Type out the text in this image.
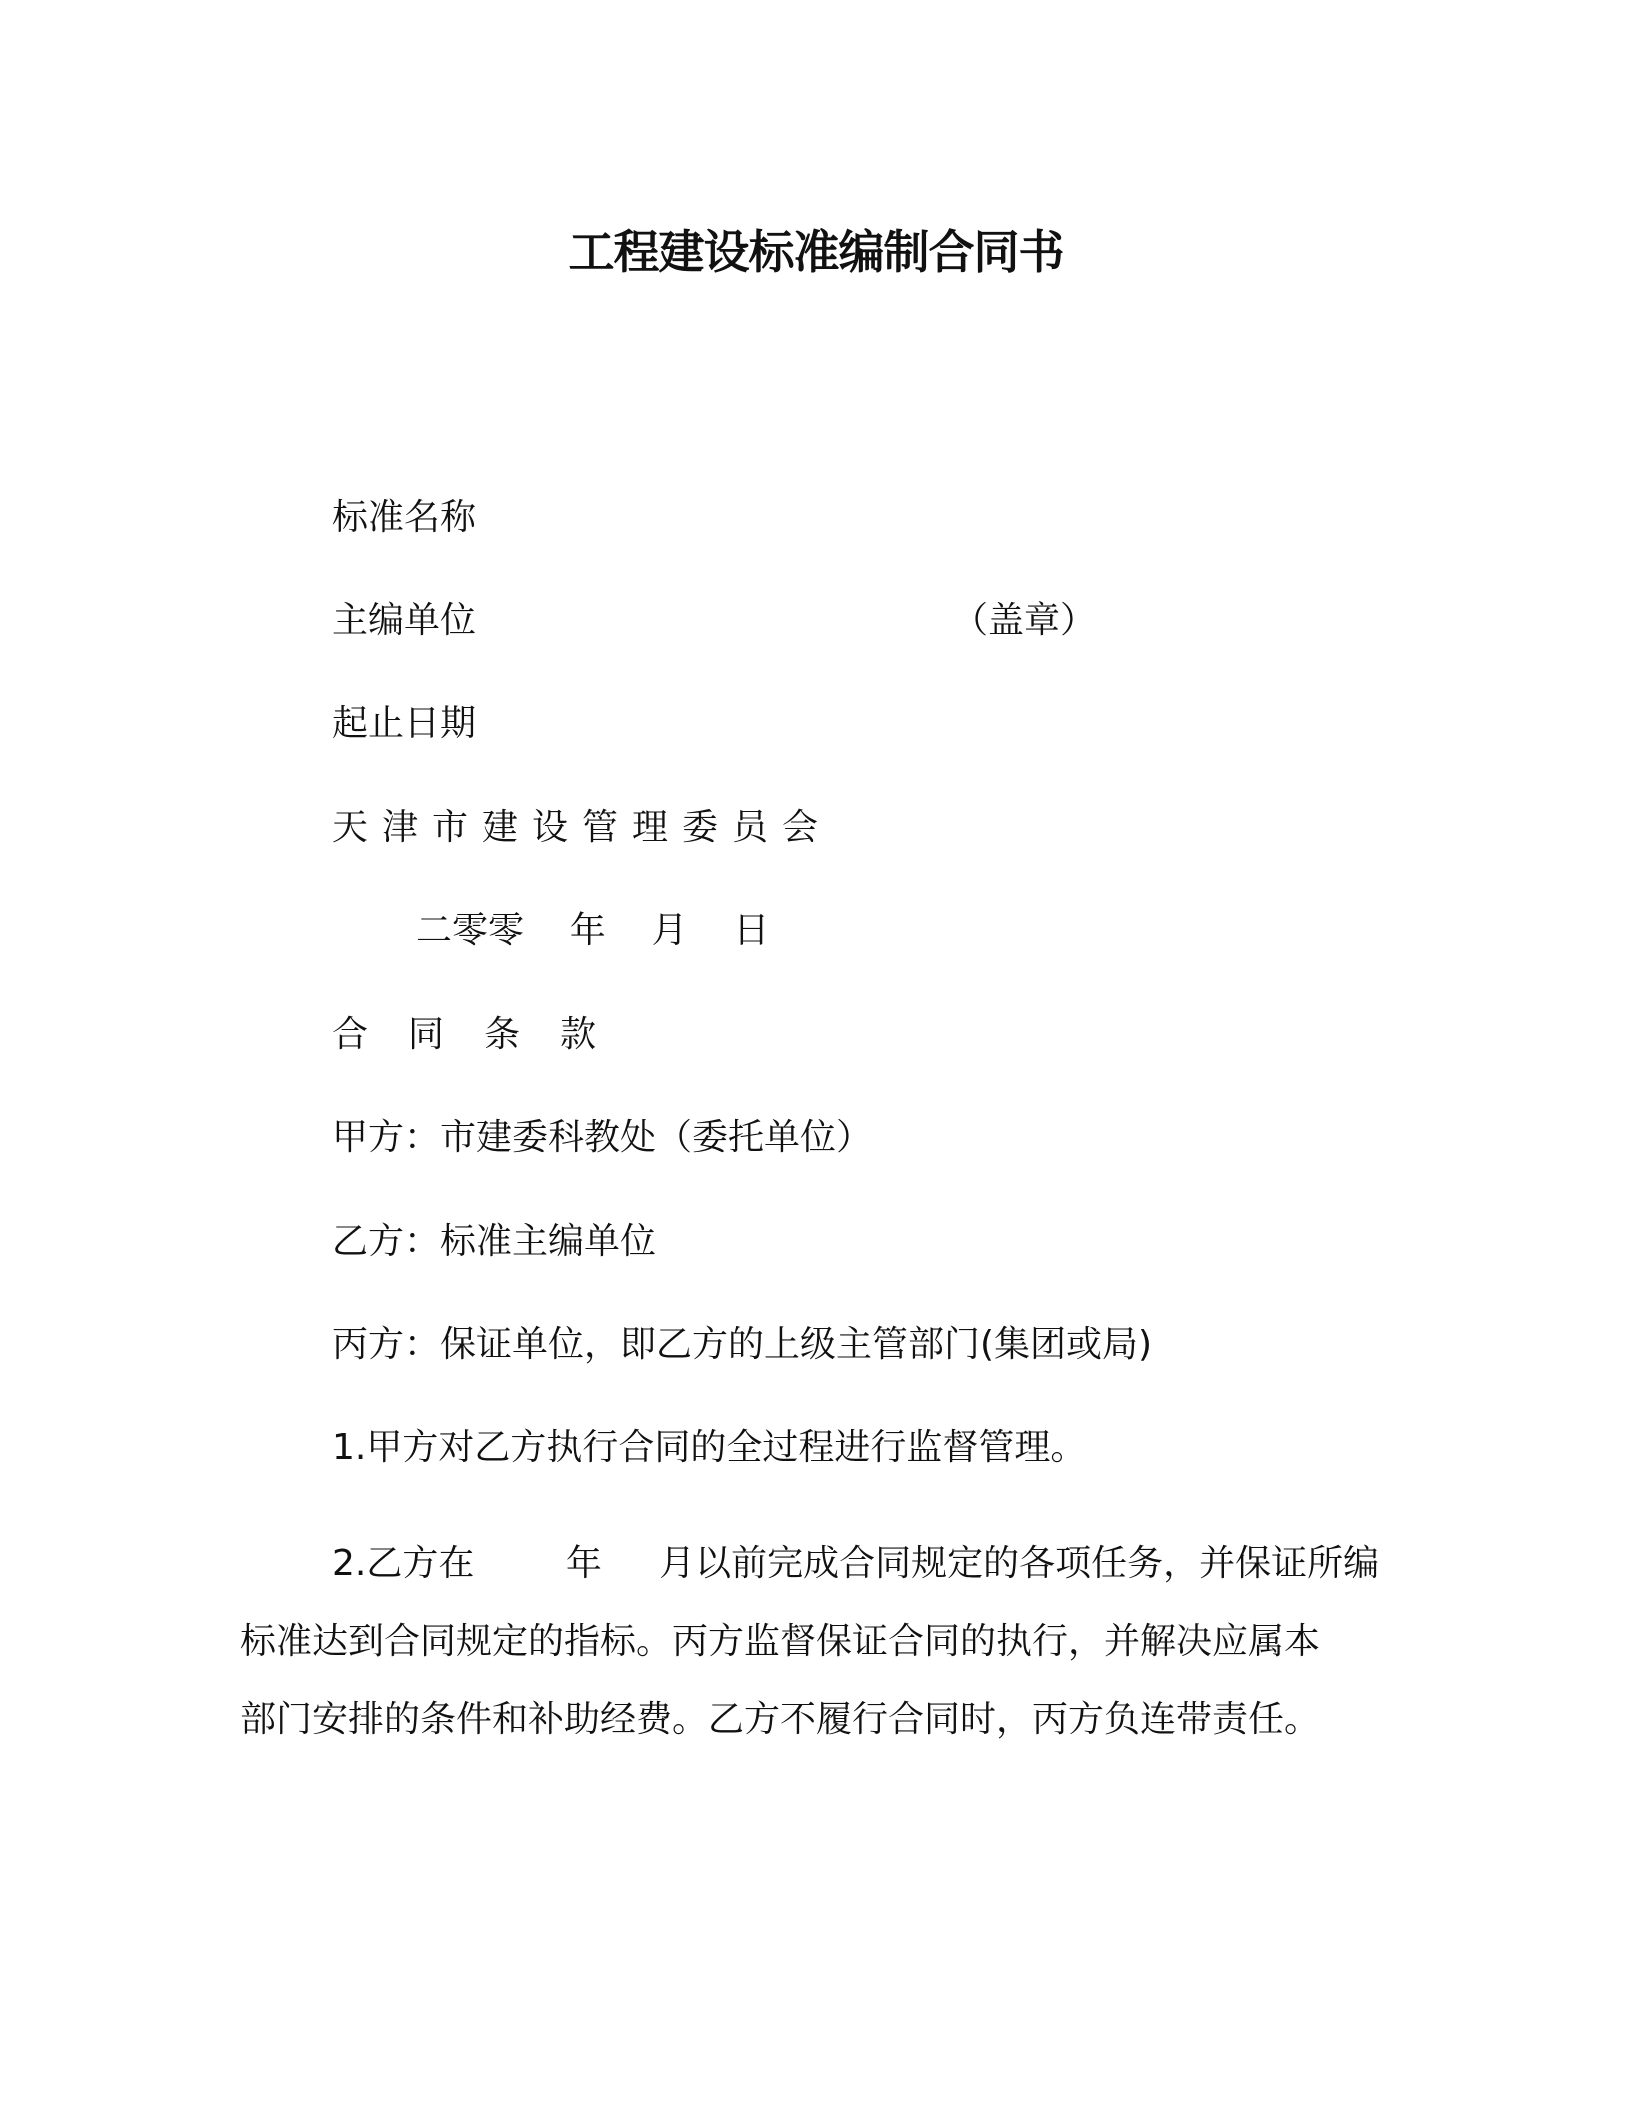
工程建设标准编制合同书
标准名称
主编单位	（盖章）
起止日期
天津市建设管理委员会
二零零    年    月    日
合同条款
甲方：市建委科教处（委托单位）
乙方：标准主编单位
丙方：保证单位，即乙方的上级主管部门(集团或局)
1.甲方对乙方执行合同的全过程进行监督管理。
2.乙方在        年     月以前完成合同规定的各项任务，并保证所编
标准达到合同规定的指标。丙方监督保证合同的执行，并解决应属本
部门安排的条件和补助经费。乙方不履行合同时，丙方负连带责任。
